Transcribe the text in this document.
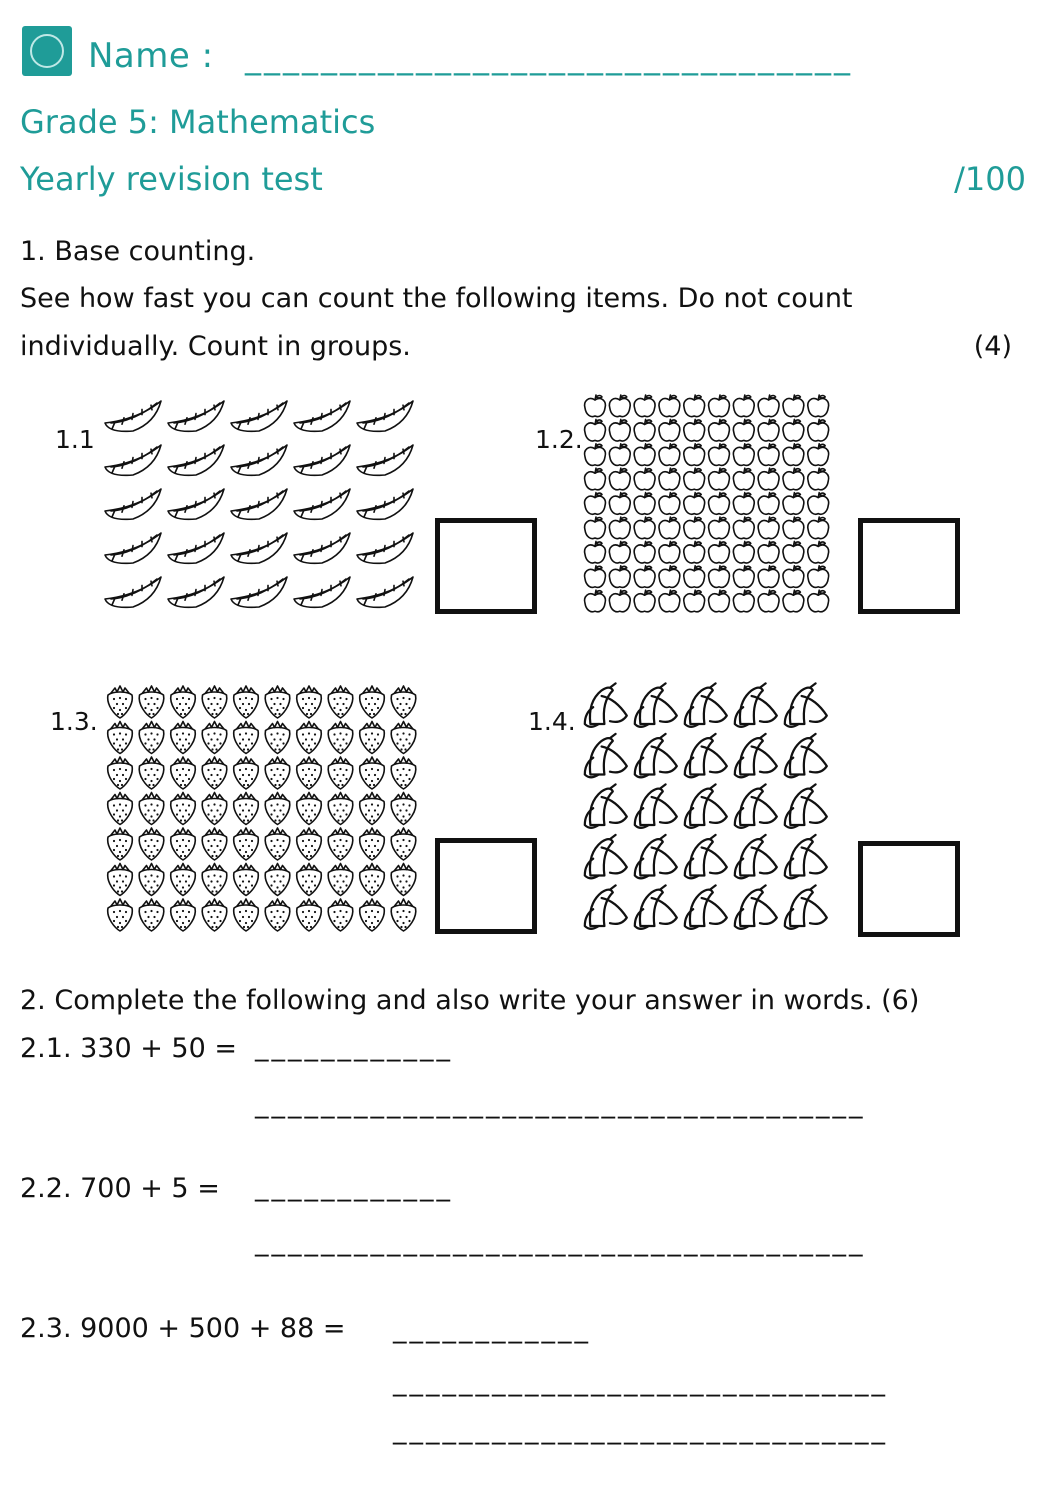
Name : ________________________________
Grade 5: Mathematics
Yearly revision test	/100
1. Base counting.
See how fast you can count the following items. Do not count
individually. Count in groups.	(4)
1.1	1.2.
1.3.	1.4.
2. Complete the following and also write your answer in words. (6)
2.1. 330 + 50 = ____________
_____________________________________
2.2. 700 + 5 = ____________
_____________________________________
2.3. 9000 + 500 + 88 = ____________
______________________________
______________________________
